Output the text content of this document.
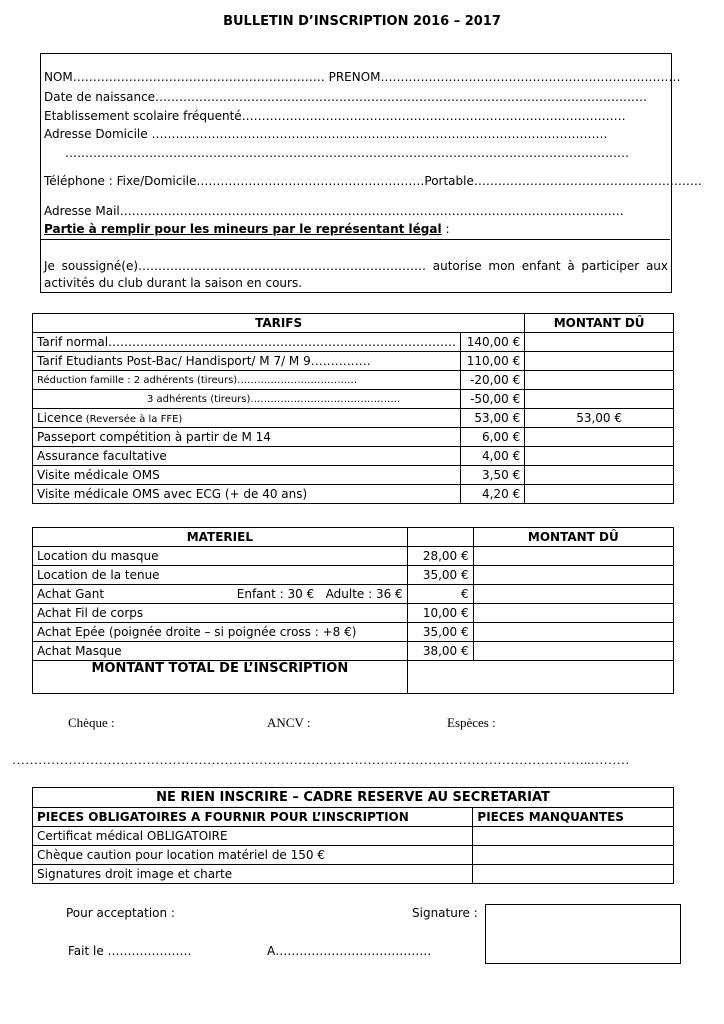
BULLETIN D’INSCRIPTION 2016 – 2017
NOM……………………………………………………… PRENOM…………………………………………………………………
Date de naissance……………………………………………………………………………………………………………
Etablissement scolaire fréquenté……………………………………………………………………………………
Adresse Domicile ……………………………………………………………………………………………………
……………………………………………………………………………………………………………………………
Téléphone : Fixe/Domicile…………………………………………………Portable…………………………………………………
Adresse Mail………………………………………………………………………………………………………………
Partie à remplir pour les mineurs par le représentant légal :
Je soussigné(e)……………………………………………………………… autorise mon enfant à participer aux
activités du club durant la saison en cours.
TARIFS		MONTANT DÛ
Tarif normal……………………………………………………………………………	140,00 €	
Tarif Etudiants Post-Bac/ Handisport/ M 7/ M 9……………	110,00 €	
Réduction famille : 2 adhérents (tireurs)………………………………	-20,00 €	
3 adhérents (tireurs)………………………………………	-50,00 €	
Licence (Reversée à la FFE)	53,00 €	53,00 €
Passeport compétition à partir de M 14	6,00 €	
Assurance facultative	4,00 €	
Visite médicale OMS	3,50 €	
Visite médicale OMS avec ECG (+ de 40 ans)	4,20 €	
MATERIEL		MONTANT DÛ
Location du masque	28,00 €	
Location de la tenue	35,00 €	
Achat Gant Enfant : 30 €   Adulte : 36 €	€	
Achat Fil de corps	10,00 €	
Achat Epée (poignée droite – si poignée cross : +8 €)	35,00 €	
Achat Masque	38,00 €	
MONTANT TOTAL DE L’INSCRIPTION		
Chèque :	ANCV :	Espèces :
……………………………………………………………………………………………………………………..………
NE RIEN INSCRIRE – CADRE RESERVE AU SECRETARIAT	
PIECES OBLIGATOIRES A FOURNIR POUR L’INSCRIPTION	PIECES MANQUANTES
Certificat médical OBLIGATOIRE	
Chèque caution pour location matériel de 150 €	
Signatures droit image et charte	
Pour acceptation :	Signature :
Fait le …………………	A…………………………………
